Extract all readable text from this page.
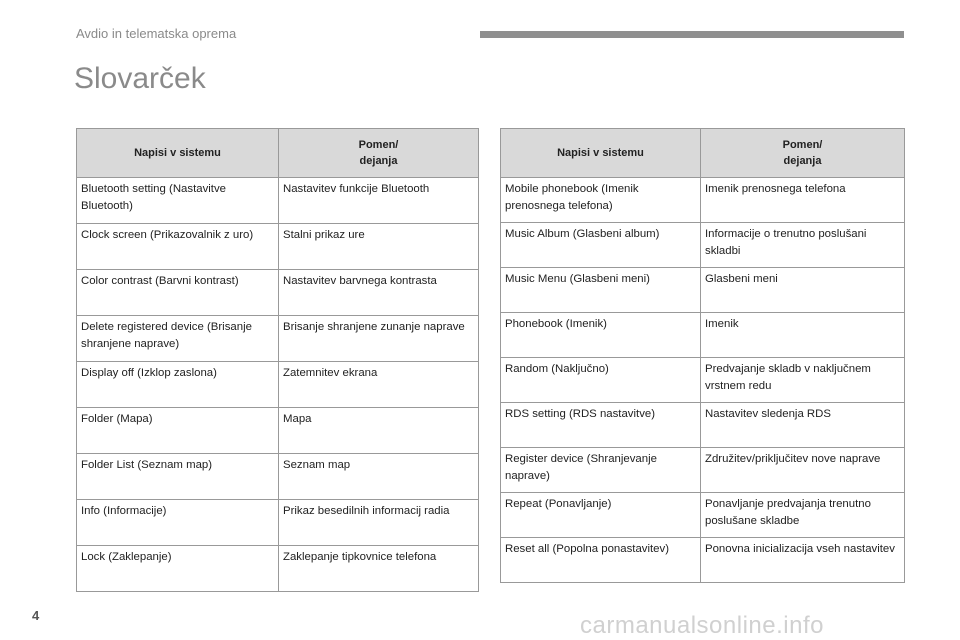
Avdio in telematska oprema
Slovarček
Napisi v sistemu	Pomen/
dejanja
Bluetooth setting (Nastavitve Bluetooth)	Nastavitev funkcije Bluetooth
Clock screen (Prikazovalnik z uro)	Stalni prikaz ure
Color contrast (Barvni kontrast)	Nastavitev barvnega kontrasta
Delete registered device (Brisanje shranjene naprave)	Brisanje shranjene zunanje naprave
Display off (Izklop zaslona)	Zatemnitev ekrana
Folder (Mapa)	Mapa
Folder List (Seznam map)	Seznam map
Info (Informacije)	Prikaz besedilnih informacij radia
Lock (Zaklepanje)	Zaklepanje tipkovnice telefona
Napisi v sistemu	Pomen/
dejanja
Mobile phonebook (Imenik prenosnega telefona)	Imenik prenosnega telefona
Music Album (Glasbeni album)	Informacije o trenutno poslušani skladbi
Music Menu (Glasbeni meni)	Glasbeni meni
Phonebook (Imenik)	Imenik
Random (Naključno)	Predvajanje skladb v naključnem vrstnem redu
RDS setting (RDS nastavitve)	Nastavitev sledenja RDS
Register device (Shranjevanje naprave)	Združitev/priključitev nove naprave
Repeat (Ponavljanje)	Ponavljanje predvajanja trenutno poslušane skladbe
Reset all (Popolna ponastavitev)	Ponovna inicializacija vseh nastavitev
4	carmanualsonline.info
